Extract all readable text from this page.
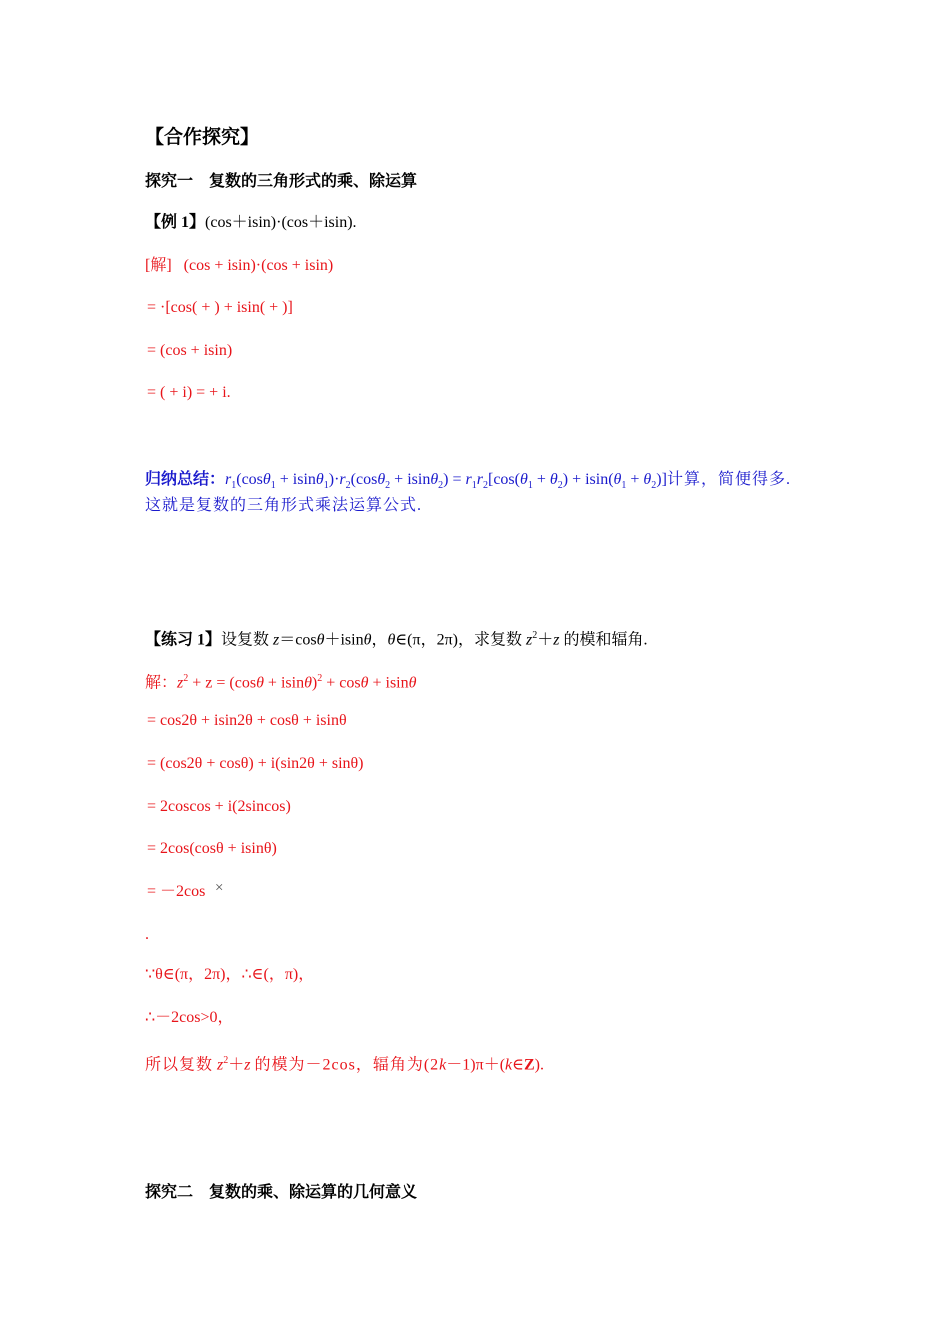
【合作探究】
探究一　复数的三角形式的乘、除运算
【例 1】(cos＋isin)·(cos＋isin).
[解] (cos + isin)·(cos + isin)
= ·[cos( + ) + isin( + )]
= (cos + isin)
= ( + i) = + i.
归纳总结：$r_1(\cos\theta_1 + isin\theta_1)\cdot r_2(\cos\theta_2 + isin\theta_2) = r_1r_2[\cos(\theta_1 + \theta_2) + isin(\theta_1 + \theta_2)]$计算，简便得多.
这就是复数的三角形式乘法运算公式.
【练习 1】设复数 z＝cosθ＋isinθ，θ∈(π，2π)，求复数 $z^2+z$ 的模和辐角.
解：$z^2 + z = (\cos\theta + isin\theta)^2 + \cos\theta + isin\theta$
= cos2θ + isin2θ + cosθ + isinθ
= (cos2θ + cosθ) + i(sin2θ + sinθ)
= 2coscos + i(2sincos)
= 2cos(cosθ + isinθ)
= －2cos ×
.
∵θ∈(π，2π)，∴∈(，π)，
∴－2cos>0，
所以复数 $z^2+z$ 的模为－2cos，辐角为(2k－1)π＋(k∈Z).
探究二　复数的乘、除运算的几何意义
